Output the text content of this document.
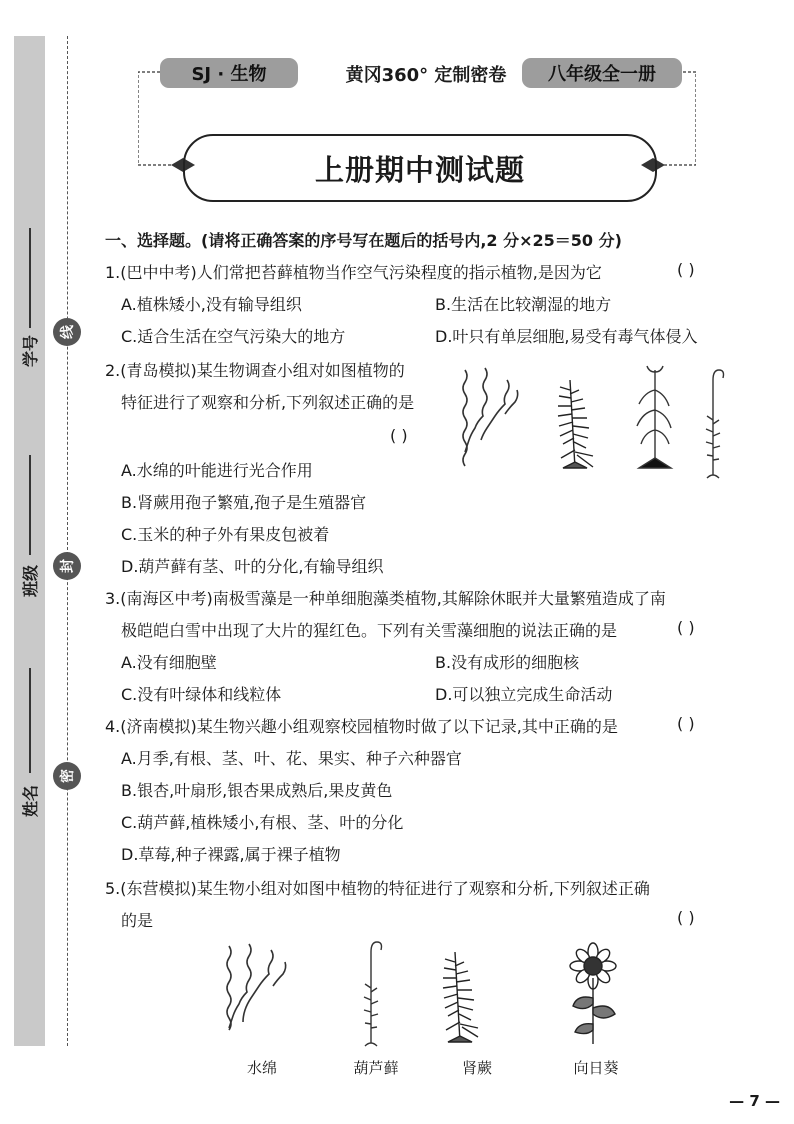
学号
班级
姓名
线
封
密
SJ · 生物	黄冈360° 定制密卷	八年级全一册
上册期中测试题
一、选择题。(请将正确答案的序号写在题后的括号内,2 分×25＝50 分)
1.(巴中中考)人们常把苔藓植物当作空气污染程度的指示植物,是因为它	( )
A.植株矮小,没有输导组织	B.生活在比较潮湿的地方
C.适合生活在空气污染大的地方	D.叶只有单层细胞,易受有毒气体侵入
2.(青岛模拟)某生物调查小组对如图植物的
特征进行了观察和分析,下列叙述正确的是
( )
A.水绵的叶能进行光合作用
B.肾蕨用孢子繁殖,孢子是生殖器官
C.玉米的种子外有果皮包被着
D.葫芦藓有茎、叶的分化,有输导组织
3.(南海区中考)南极雪藻是一种单细胞藻类植物,其解除休眠并大量繁殖造成了南
极皑皑白雪中出现了大片的猩红色。下列有关雪藻细胞的说法正确的是	( )
A.没有细胞壁	B.没有成形的细胞核
C.没有叶绿体和线粒体	D.可以独立完成生命活动
4.(济南模拟)某生物兴趣小组观察校园植物时做了以下记录,其中正确的是	( )
A.月季,有根、茎、叶、花、果实、种子六种器官
B.银杏,叶扇形,银杏果成熟后,果皮黄色
C.葫芦藓,植株矮小,有根、茎、叶的分化
D.草莓,种子裸露,属于裸子植物
5.(东营模拟)某生物小组对如图中植物的特征进行了观察和分析,下列叙述正确
的是	( )
水绵	葫芦藓	肾蕨	向日葵
— 7 —
